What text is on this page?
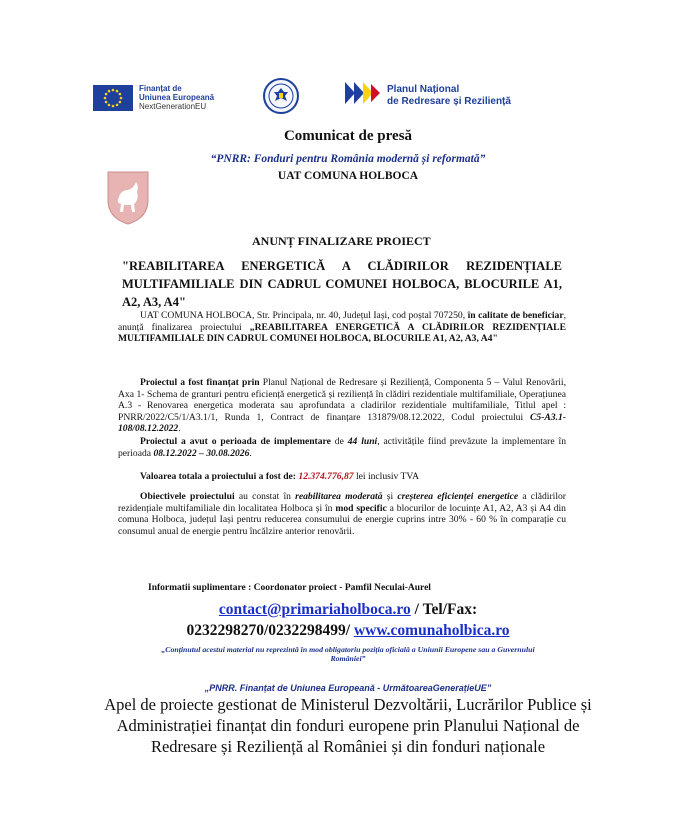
Finanțat de
Uniunea Europeană
NextGenerationEU
Planul Național
de Redresare și Reziliență
Comunicat de presă
“PNRR: Fonduri pentru România modernă și reformată”
UAT COMUNA HOLBOCA
ANUNȚ FINALIZARE PROIECT
"REABILITAREA ENERGETICĂ A CLĂDIRILOR REZIDENȚIALE MULTIFAMILIALE DIN CADRUL COMUNEI HOLBOCA, BLOCURILE A1, A2, A3, A4"
UAT COMUNA HOLBOCA, Str. Principala, nr. 40, Județul Iași, cod poștal 707250, în calitate de beneficiar, anunță finalizarea proiectului „REABILITAREA ENERGETICĂ A CLĂDIRILOR REZIDENȚIALE MULTIFAMILIALE DIN CADRUL COMUNEI HOLBOCA, BLOCURILE A1, A2, A3, A4"
Proiectul a fost finanțat prin Planul Național de Redresare și Reziliență, Componenta 5 – Valul Renovării, Axa 1- Schema de granturi pentru eficiență energetică și reziliență în clădiri rezidentiale multifamiliale, Operațiunea A.3 - Renovarea energetica moderata sau aprofundata a cladirilor rezidentiale multifamiliale, Titlul apel : PNRR/2022/C5/1/A3.1/1, Runda 1, Contract de finanțare 131879/08.12.2022, Codul proiectului C5-A3.1-108/08.12.2022.
Proiectul a avut o perioada de implementare de 44 luni, activitățile fiind prevăzute la implementare în perioada 08.12.2022 – 30.08.2026.
Valoarea totala a proiectului a fost de: 12.374.776,87 lei inclusiv TVA
Obiectivele proiectului au constat în reabilitarea moderată și creșterea eficienței energetice a clădirilor rezidențiale multifamiliale din localitatea Holboca și în mod specific a blocurilor de locuințe A1, A2, A3 și A4 din comuna Holboca, județul Iași pentru reducerea consumului de energie cuprins intre 30% - 60 % în comparație cu consumul anual de energie pentru încălzire anterior renovării.
Informatii suplimentare : Coordonator proiect - Pamfil Neculai-Aurel
contact@primariaholboca.ro / Tel/Fax:
0232298270/0232298499/ www.comunaholbica.ro
„Conținutul acestui material nu reprezintă în mod obligatoriu poziția oficială a Uniunii Europene sau a Guvernului României”
„PNRR. Finanțat de Uniunea Europeană - UrmătoareaGenerațieUE”
Apel de proiecte gestionat de Ministerul Dezvoltării, Lucrărilor Publice și Administrației finanțat din fonduri europene prin Planului Național de Redresare și Reziliență al României și din fonduri naționale
